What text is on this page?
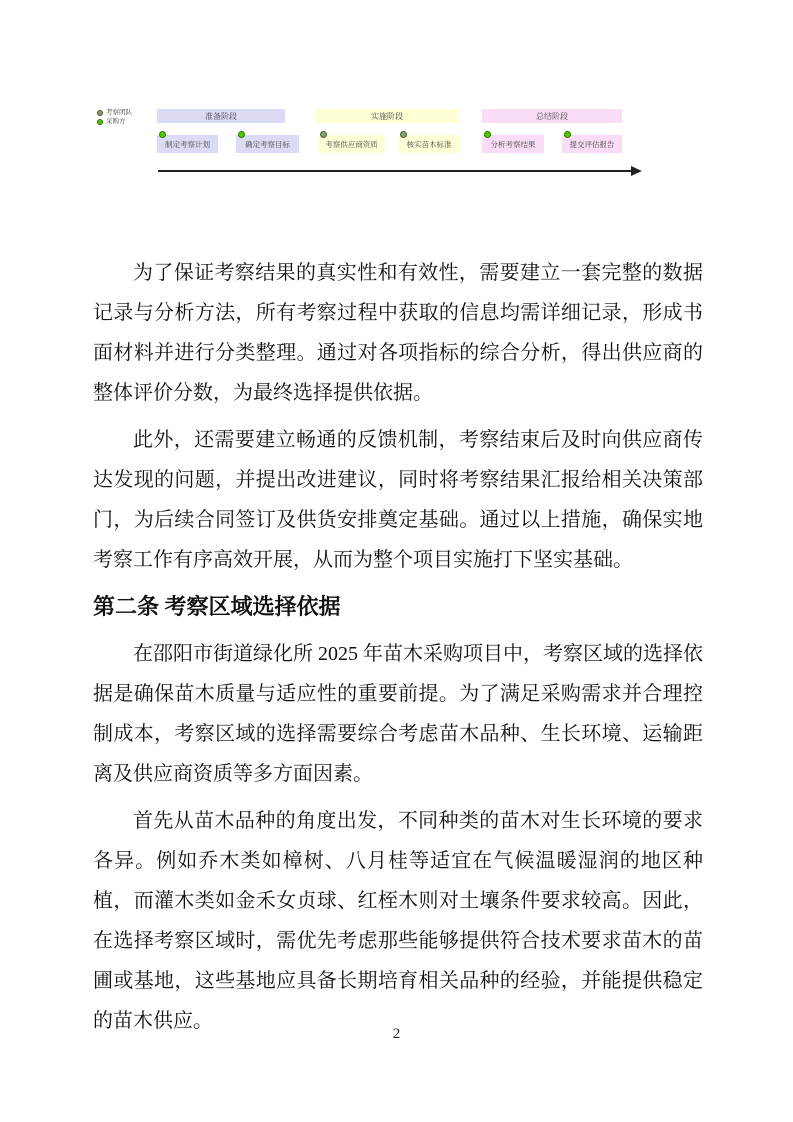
考察团队
采购方
准备阶段	实施阶段	总结阶段
制定考察计划	确定考察目标	考察供应商资质	核实苗木标准	分析考察结果	提交评估报告

为了保证考察结果的真实性和有效性，需要建立一套完整的数据记录与分析方法，所有考察过程中获取的信息均需详细记录，形成书面材料并进行分类整理。通过对各项指标的综合分析，得出供应商的整体评价分数，为最终选择提供依据。

此外，还需要建立畅通的反馈机制，考察结束后及时向供应商传达发现的问题，并提出改进建议，同时将考察结果汇报给相关决策部门，为后续合同签订及供货安排奠定基础。通过以上措施，确保实地考察工作有序高效开展，从而为整个项目实施打下坚实基础。

第二条 考察区域选择依据

在邵阳市街道绿化所 2025 年苗木采购项目中，考察区域的选择依据是确保苗木质量与适应性的重要前提。为了满足采购需求并合理控制成本，考察区域的选择需要综合考虑苗木品种、生长环境、运输距离及供应商资质等多方面因素。

首先从苗木品种的角度出发，不同种类的苗木对生长环境的要求各异。例如乔木类如樟树、八月桂等适宜在气候温暖湿润的地区种植，而灌木类如金禾女贞球、红桎木则对土壤条件要求较高。因此，在选择考察区域时，需优先考虑那些能够提供符合技术要求苗木的苗圃或基地，这些基地应具备长期培育相关品种的经验，并能提供稳定的苗木供应。

2
